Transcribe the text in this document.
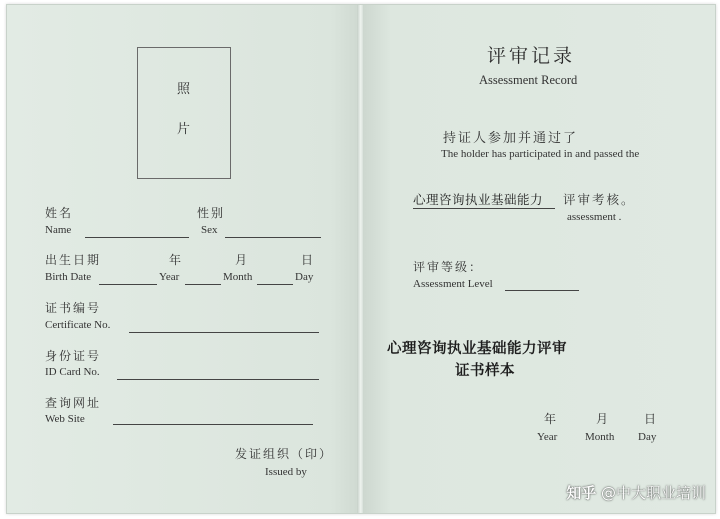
照
片
姓名
Name
性别
Sex
出生日期	年	月	日
Birth Date	Year	Month	Day
证书编号
Certificate No.
身份证号
ID Card No.
查询网址
Web Site
发证组织（印）
Issued by
评审记录
Assessment Record
持证人参加并通过了
The holder has participated in and passed the
心理咨询执业基础能力 评审考核。
assessment .
评审等级：
Assessment Level
心理咨询执业基础能力评审
证书样本
年	月	日
Year	Month Day
知乎 @中大职业培训
